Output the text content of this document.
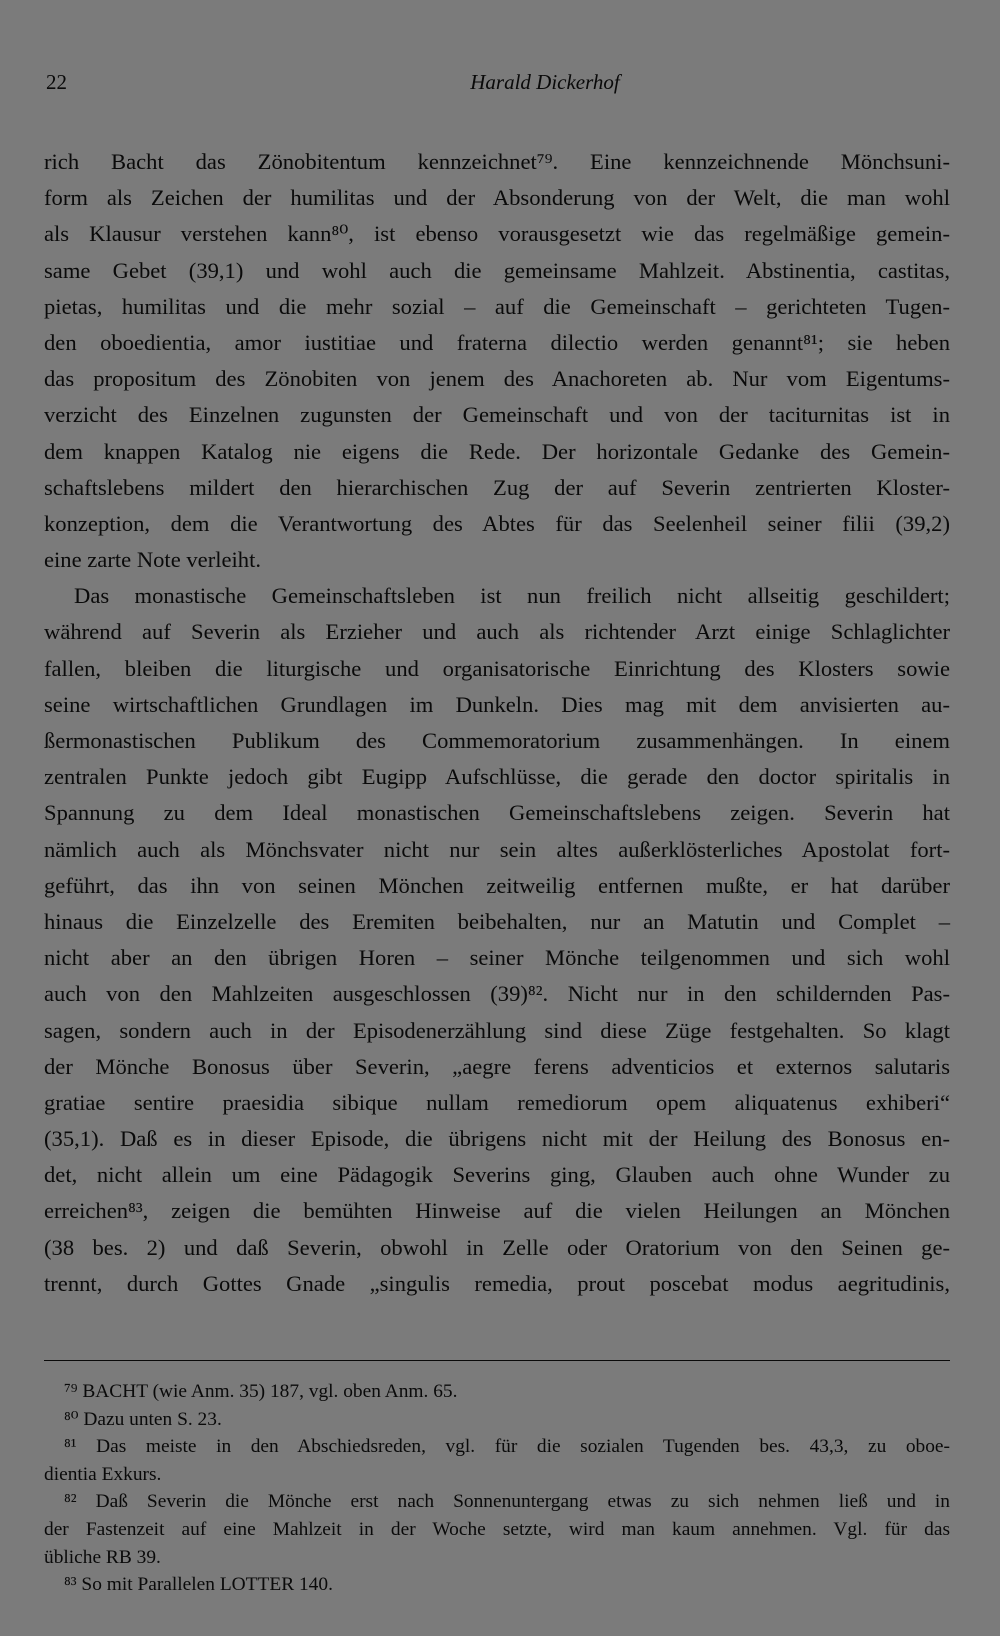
22	Harald Dickerhof
rich Bacht das Zönobitentum kennzeichnet⁷⁹. Eine kennzeichnende Mönchsuni-
form als Zeichen der humilitas und der Absonderung von der Welt, die man wohl
als Klausur verstehen kann⁸⁰, ist ebenso vorausgesetzt wie das regelmäßige gemein-
same Gebet (39,1) und wohl auch die gemeinsame Mahlzeit. Abstinentia, castitas,
pietas, humilitas und die mehr sozial – auf die Gemeinschaft – gerichteten Tugen-
den oboedientia, amor iustitiae und fraterna dilectio werden genannt⁸¹; sie heben
das propositum des Zönobiten von jenem des Anachoreten ab. Nur vom Eigentums-
verzicht des Einzelnen zugunsten der Gemeinschaft und von der taciturnitas ist in
dem knappen Katalog nie eigens die Rede. Der horizontale Gedanke des Gemein-
schaftslebens mildert den hierarchischen Zug der auf Severin zentrierten Kloster-
konzeption, dem die Verantwortung des Abtes für das Seelenheil seiner filii (39,2)
eine zarte Note verleiht.
Das monastische Gemeinschaftsleben ist nun freilich nicht allseitig geschildert;
während auf Severin als Erzieher und auch als richtender Arzt einige Schlaglichter
fallen, bleiben die liturgische und organisatorische Einrichtung des Klosters sowie
seine wirtschaftlichen Grundlagen im Dunkeln. Dies mag mit dem anvisierten au-
ßermonastischen Publikum des Commemoratorium zusammenhängen. In einem
zentralen Punkte jedoch gibt Eugipp Aufschlüsse, die gerade den doctor spiritalis in
Spannung zu dem Ideal monastischen Gemeinschaftslebens zeigen. Severin hat
nämlich auch als Mönchsvater nicht nur sein altes außerklösterliches Apostolat fort-
geführt, das ihn von seinen Mönchen zeitweilig entfernen mußte, er hat darüber
hinaus die Einzelzelle des Eremiten beibehalten, nur an Matutin und Complet –
nicht aber an den übrigen Horen – seiner Mönche teilgenommen und sich wohl
auch von den Mahlzeiten ausgeschlossen (39)⁸². Nicht nur in den schildernden Pas-
sagen, sondern auch in der Episodenerzählung sind diese Züge festgehalten. So klagt
der Mönche Bonosus über Severin, „aegre ferens adventicios et externos salutaris
gratiae sentire praesidia sibique nullam remediorum opem aliquatenus exhiberi“
(35,1). Daß es in dieser Episode, die übrigens nicht mit der Heilung des Bonosus en-
det, nicht allein um eine Pädagogik Severins ging, Glauben auch ohne Wunder zu
erreichen⁸³, zeigen die bemühten Hinweise auf die vielen Heilungen an Mönchen
(38 bes. 2) und daß Severin, obwohl in Zelle oder Oratorium von den Seinen ge-
trennt, durch Gottes Gnade „singulis remedia, prout poscebat modus aegritudinis,
⁷⁹ BACHT (wie Anm. 35) 187, vgl. oben Anm. 65.
⁸⁰ Dazu unten S. 23.
⁸¹ Das meiste in den Abschiedsreden, vgl. für die sozialen Tugenden bes. 43,3, zu oboe-
dientia Exkurs.
⁸² Daß Severin die Mönche erst nach Sonnenuntergang etwas zu sich nehmen ließ und in
der Fastenzeit auf eine Mahlzeit in der Woche setzte, wird man kaum annehmen. Vgl. für das
übliche RB 39.
⁸³ So mit Parallelen LOTTER 140.
